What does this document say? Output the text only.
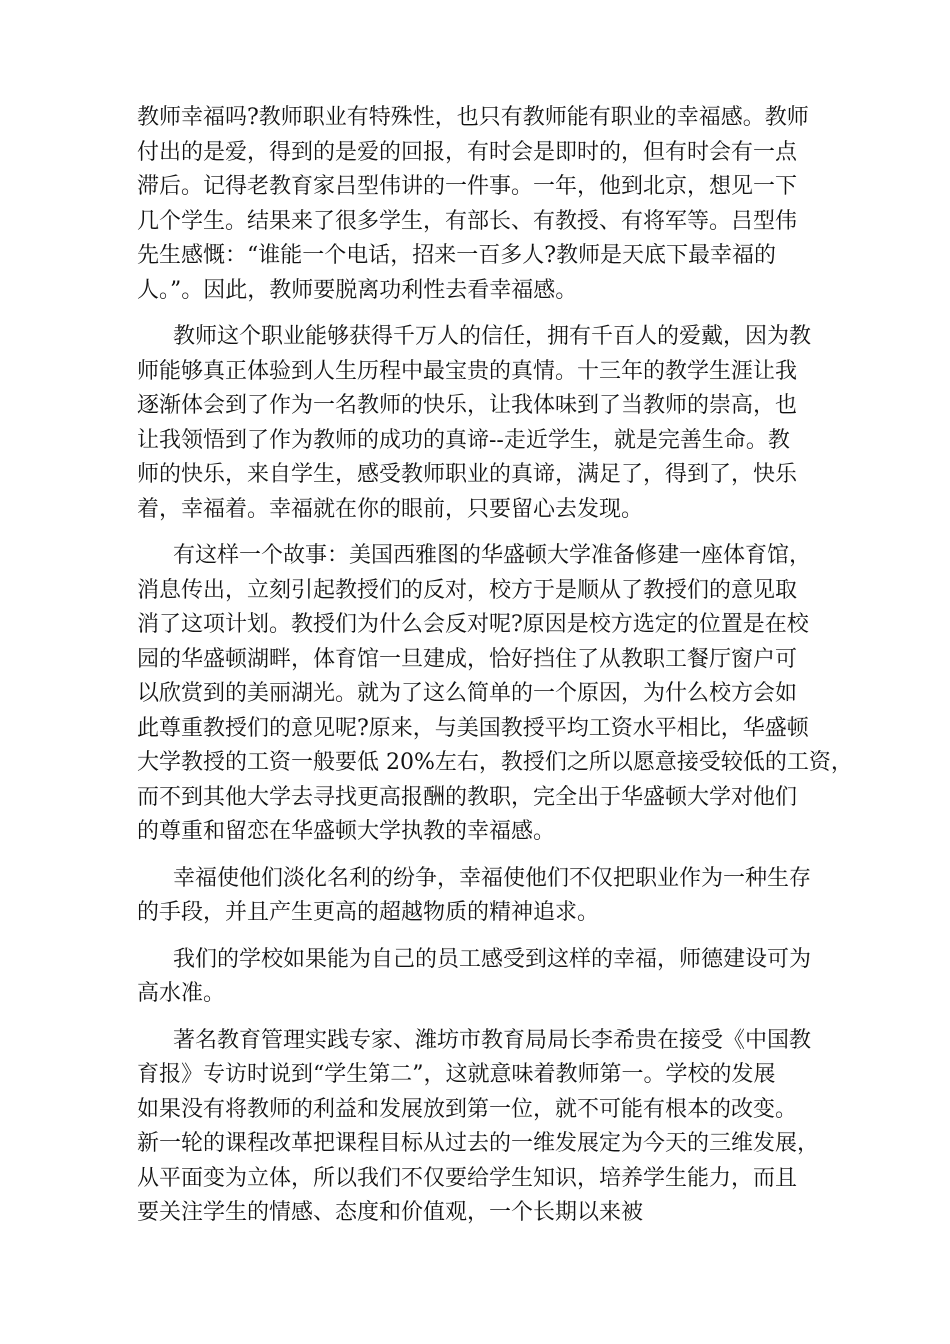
教师幸福吗?教师职业有特殊性，也只有教师能有职业的幸福感。教师
付出的是爱，得到的是爱的回报，有时会是即时的，但有时会有一点
滞后。记得老教育家吕型伟讲的一件事。一年，他到北京，想见一下
几个学生。结果来了很多学生，有部长、有教授、有将军等。吕型伟
先生感慨：“谁能一个电话，招来一百多人?教师是天底下最幸福的
人。”。因此，教师要脱离功利性去看幸福感。

教师这个职业能够获得千万人的信任，拥有千百人的爱戴，因为教
师能够真正体验到人生历程中最宝贵的真情。十三年的教学生涯让我
逐渐体会到了作为一名教师的快乐，让我体味到了当教师的崇高，也
让我领悟到了作为教师的成功的真谛--走近学生，就是完善生命。教
师的快乐，来自学生，感受教师职业的真谛，满足了，得到了，快乐
着，幸福着。幸福就在你的眼前，只要留心去发现。

有这样一个故事：美国西雅图的华盛顿大学准备修建一座体育馆，
消息传出，立刻引起教授们的反对，校方于是顺从了教授们的意见取
消了这项计划。教授们为什么会反对呢?原因是校方选定的位置是在校
园的华盛顿湖畔，体育馆一旦建成，恰好挡住了从教职工餐厅窗户可
以欣赏到的美丽湖光。就为了这么简单的一个原因，为什么校方会如
此尊重教授们的意见呢?原来，与美国教授平均工资水平相比，华盛顿
大学教授的工资一般要低 20%左右，教授们之所以愿意接受较低的工资，
而不到其他大学去寻找更高报酬的教职，完全出于华盛顿大学对他们
的尊重和留恋在华盛顿大学执教的幸福感。

幸福使他们淡化名利的纷争，幸福使他们不仅把职业作为一种生存
的手段，并且产生更高的超越物质的精神追求。

我们的学校如果能为自己的员工感受到这样的幸福，师德建设可为
高水准。

著名教育管理实践专家、潍坊市教育局局长李希贵在接受《中国教
育报》专访时说到“学生第二”，这就意味着教师第一。学校的发展
如果没有将教师的利益和发展放到第一位，就不可能有根本的改变。
新一轮的课程改革把课程目标从过去的一维发展定为今天的三维发展，
从平面变为立体，所以我们不仅要给学生知识，培养学生能力，而且
要关注学生的情感、态度和价值观，一个长期以来被
